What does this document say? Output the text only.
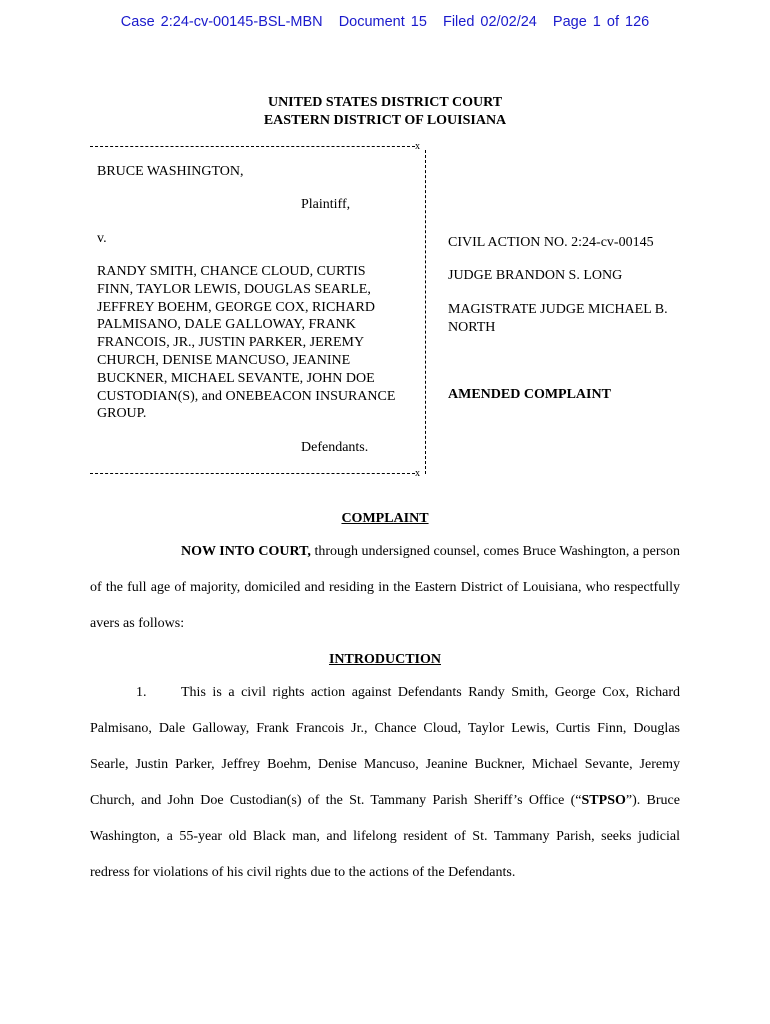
Case 2:24-cv-00145-BSL-MBN Document 15 Filed 02/02/24 Page 1 of 126
UNITED STATES DISTRICT COURT
EASTERN DISTRICT OF LOUISIANA
x
x
BRUCE WASHINGTON,
Plaintiff,
v.
RANDY SMITH, CHANCE CLOUD, CURTIS FINN, TAYLOR LEWIS, DOUGLAS SEARLE, JEFFREY BOEHM, GEORGE COX, RICHARD PALMISANO, DALE GALLOWAY, FRANK FRANCOIS, JR., JUSTIN PARKER, JEREMY CHURCH, DENISE MANCUSO, JEANINE BUCKNER, MICHAEL SEVANTE, JOHN DOE CUSTODIAN(S), and ONEBEACON INSURANCE GROUP.
Defendants.
CIVIL ACTION NO. 2:24-cv-00145
JUDGE BRANDON S. LONG
MAGISTRATE JUDGE MICHAEL B. NORTH
AMENDED COMPLAINT
COMPLAINT

NOW INTO COURT, through undersigned counsel, comes Bruce Washington, a person of the full age of majority, domiciled and residing in the Eastern District of Louisiana, who respectfully avers as follows:

INTRODUCTION

1. This is a civil rights action against Defendants Randy Smith, George Cox, Richard Palmisano, Dale Galloway, Frank Francois Jr., Chance Cloud, Taylor Lewis, Curtis Finn, Douglas Searle, Justin Parker, Jeffrey Boehm, Denise Mancuso, Jeanine Buckner, Michael Sevante, Jeremy Church, and John Doe Custodian(s) of the St. Tammany Parish Sheriff’s Office (“STPSO”). Bruce Washington, a 55-year old Black man, and lifelong resident of St. Tammany Parish, seeks judicial redress for violations of his civil rights due to the actions of the Defendants.
